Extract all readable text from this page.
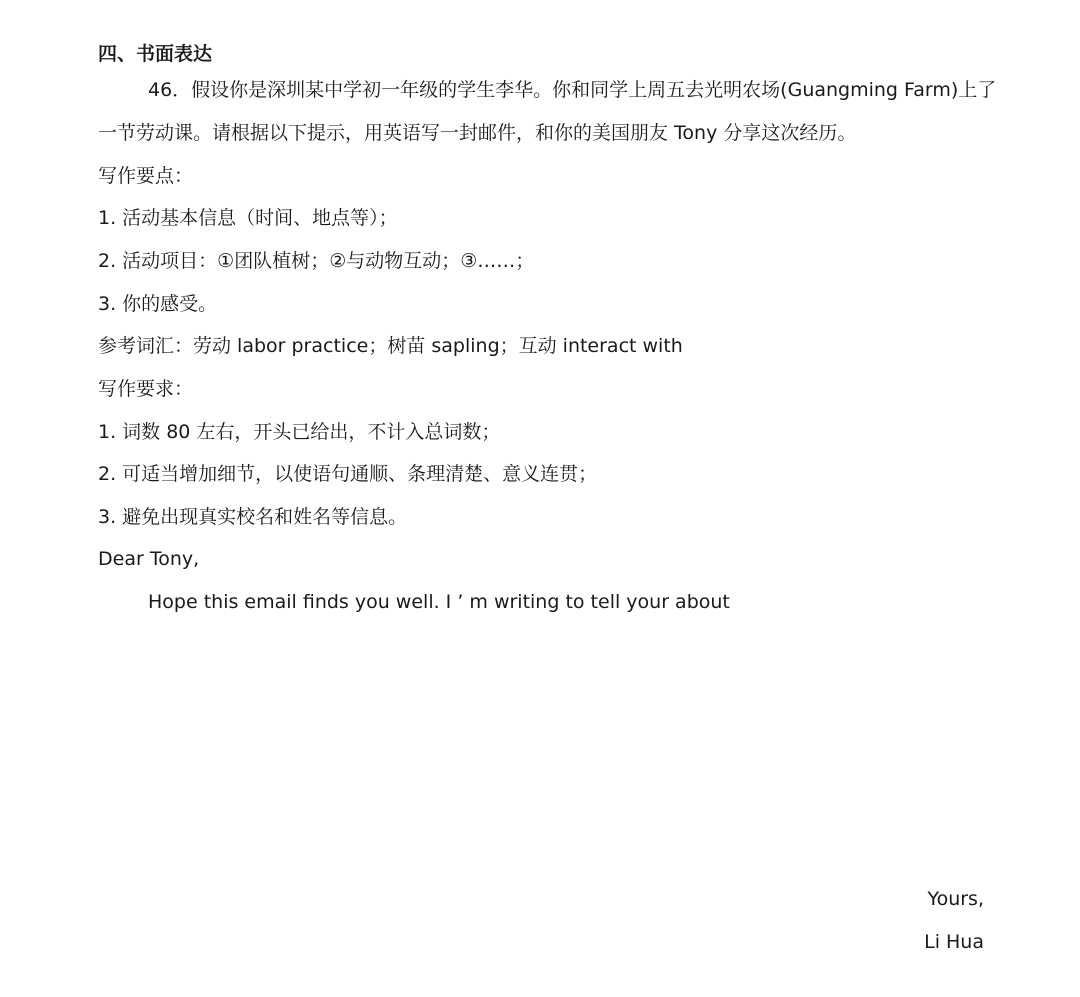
四、书面表达
46．假设你是深圳某中学初一年级的学生李华。你和同学上周五去光明农场(Guangming Farm)上了
一节劳动课。请根据以下提示，用英语写一封邮件，和你的美国朋友 Tony 分享这次经历。
写作要点：
1. 活动基本信息（时间、地点等）；
2. 活动项目：①团队植树；②与动物互动；③……；
3. 你的感受。
参考词汇：劳动 labor practice；树苗 sapling；互动 interact with
写作要求：
1. 词数 80 左右，开头已给出，不计入总词数；
2. 可适当增加细节，以使语句通顺、条理清楚、意义连贯；
3. 避免出现真实校名和姓名等信息。
Dear Tony,
Hope this email finds you well. I ’ m writing to tell your about
Yours,
Li Hua
